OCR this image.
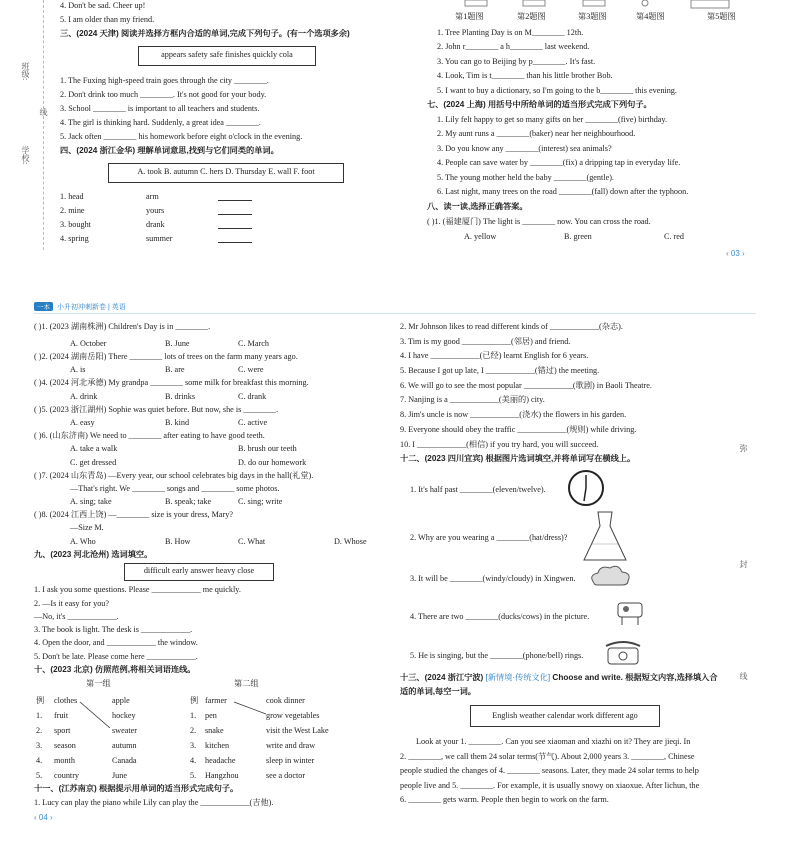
4. Don't be sad. Cheer up!
5. I am older than my friend.
三、(2024 天津) 阅读并选择方框内合适的单词,完成下列句子。(有一个选项多余)
appears safety safe finishes quickly cola
1. The Fuxing high-speed train goes through the city ________.
2. Don't drink too much ________. It's not good for your body.
3. School ________ is important to all teachers and students.
4. The girl is thinking hard. Suddenly, a great idea ________.
5. Jack often ________ his homework before eight o'clock in the evening.
四、(2024 浙江金华) 理解单词意思,找到与它们同类的单词。
A. took B. autumn C. hers D. Thursday E. wall F. foot
1. head	arm
2. mine	yours
3. bought	drank
4. spring	summer
班级:
线
学校:
第1题图	第2题图	第3题图	第4题图	第5题图
1. Tree Planting Day is on M________ 12th.
2. John r________ a h________ last weekend.
3. You can go to Beijing by p________. It's fast.
4. Look, Tim is t________ than his little brother Bob.
5. I want to buy a dictionary, so I'm going to the b________ this evening.
七、(2024 上海) 用括号中所给单词的适当形式完成下列句子。
1. Lily felt happy to get so many gifts on her ________(five) birthday.
2. My aunt runs a ________(baker) near her neighbourhood.
3. Do you know any ________(interest) sea animals?
4. People can save water by ________(fix) a dripping tap in everyday life.
5. The young mother held the baby ________(gentle).
6. Last night, many trees on the road ________(fall) down after the typhoon.
八、读一读,选择正确答案。
( )1. (福建厦门) The light is ________ now. You can cross the road.
A. yellow	B. green	C. red
‹ 03 ›
一本 小升初冲刺新卷 | 英语
( )1. (2023 湖南株洲) Children's Day is in ________.
A. October	B. June	C. March
( )2. (2024 湖南岳阳) There ________ lots of trees on the farm many years ago.
A. is	B. are	C. were
( )4. (2024 河北承德) My grandpa ________ some milk for breakfast this morning.
A. drink	B. drinks	C. drank
( )5. (2023 浙江湖州) Sophie was quiet before. But now, she is ________.
A. easy	B. kind	C. active
( )6. (山东济南) We need to ________ after eating to have good teeth.
A. take a walk	B. brush our teeth
C. get dressed	D. do our homework
( )7. (2024 山东青岛) —Every year, our school celebrates big days in the hall(礼堂).
—That's right. We ________ songs and ________ some photos.
A. sing; take	B. speak; take	C. sing; write
( )8. (2024 江西上饶) —________ size is your dress, Mary?
—Size M.
A. Who	B. How	C. What	D. Whose
九、(2023 河北沧州) 选词填空。
difficult early answer heavy close
1. I ask you some questions. Please ____________ me quickly.
2. —Is it easy for you?
—No, it's ____________.
3. The book is light. The desk is ____________.
4. Open the door, and ____________ the window.
5. Don't be late. Please come here ____________.
十、(2023 北京) 仿照范例,将相关词语连线。
第一组	第二组
例 clothes	apple
1. fruit	hockey
2. sport	sweater
3. season	autumn
4. month	Canada
5. country	June
例 farmer	cook dinner
1. pen	grow vegetables
2. snake	visit the West Lake
3. kitchen	write and draw
4. headache	sleep in winter
5. Hangzhou	see a doctor
十一、(江苏南京) 根据提示用单词的适当形式完成句子。
1. Lucy can play the piano while Lily can play the ____________(吉他).
‹ 04 ›
2. Mr Johnson likes to read different kinds of ____________(杂志).
3. Tim is my good ____________(邻居) and friend.
4. I have ____________(已经) learnt English for 6 years.
5. Because I got up late, I ____________(错过) the meeting.
6. We will go to see the most popular ____________(歌剧) in Baoli Theatre.
7. Nanjing is a ____________(美丽的) city.
8. Jim's uncle is now ____________(浇水) the flowers in his garden.
9. Everyone should obey the traffic ____________(规则) while driving.
10. I ____________(相信) if you try hard, you will succeed.
十二、(2023 四川宜宾) 根据图片选词填空,并将单词写在横线上。
1. It's half past ________(eleven/twelve).
2. Why are you wearing a ________(hat/dress)?
3. It will be ________(windy/cloudy) in Xingwen.
4. There are two ________(ducks/cows) in the picture.
5. He is singing, but the ________(phone/bell) rings.
十三、(2024 浙江宁波) [新情境·传统文化] Choose and write. 根据短文内容,选择填入合
适的单词,每空一词。
English weather calendar work different ago
Look at your 1. ________. Can you see xiaoman and xiazhi on it? They are jieqi. In
2. ________, we call them 24 solar terms(节气). About 2,000 years 3. ________, Chinese
people studied the changes of 4. ________ seasons. Later, they made 24 solar terms to help
people live and 5. ________. For example, it is usually snowy on xiaoxue. After lichun, the
6. ________ gets warm. People then begin to work on the farm.
弥
封
线
